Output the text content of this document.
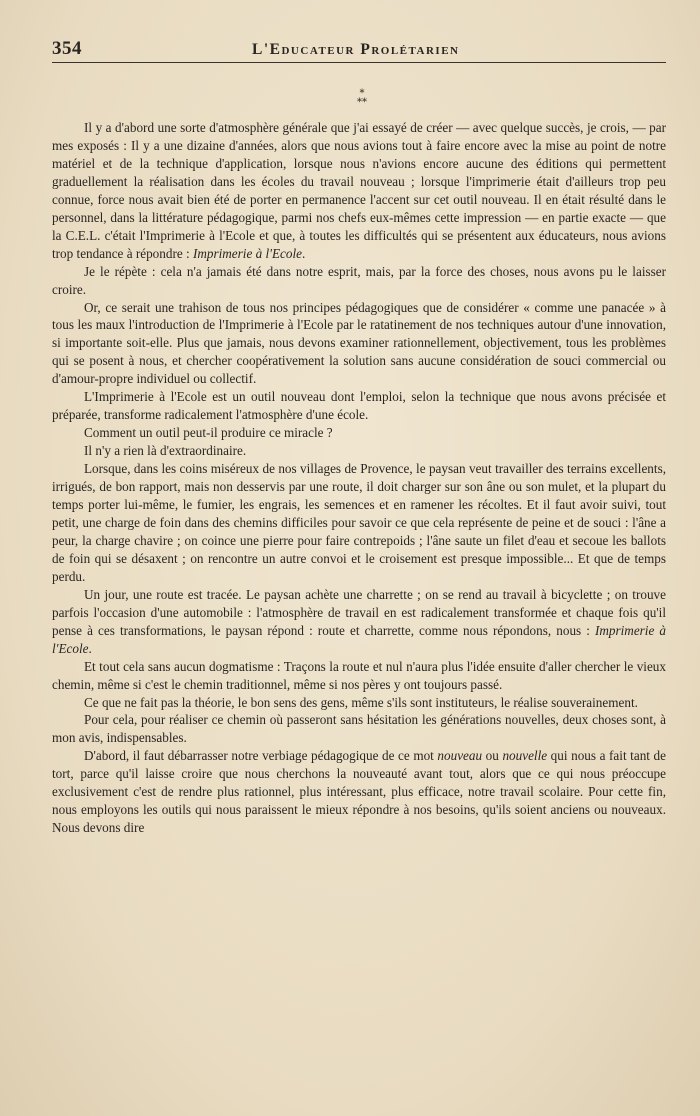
354	L'Educateur Prolétarien
*
**

Il y a d'abord une sorte d'atmosphère générale que j'ai essayé de créer — avec quelque succès, je crois, — par mes exposés : Il y a une dizaine d'années, alors que nous avions tout à faire encore avec la mise au point de notre matériel et de la technique d'application, lorsque nous n'avions encore aucune des éditions qui permettent graduellement la réalisation dans les écoles du travail nouveau ; lorsque l'imprimerie était d'ailleurs trop peu connue, force nous avait bien été de porter en permanence l'accent sur cet outil nouveau. Il en était résulté dans le personnel, dans la littérature pédagogique, parmi nos chefs eux-mêmes cette impression — en partie exacte — que la C.E.L. c'était l'Imprimerie à l'Ecole et que, à toutes les difficultés qui se présentent aux éducateurs, nous avions trop tendance à répondre : Imprimerie à l'Ecole.

Je le répète : cela n'a jamais été dans notre esprit, mais, par la force des choses, nous avons pu le laisser croire.

Or, ce serait une trahison de tous nos principes pédagogiques que de considérer « comme une panacée » à tous les maux l'introduction de l'Imprimerie à l'Ecole par le ratatinement de nos techniques autour d'une innovation, si importante soit-elle. Plus que jamais, nous devons examiner rationnellement, objectivement, tous les problèmes qui se posent à nous, et chercher coopérativement la solution sans aucune considération de souci commercial ou d'amour-propre individuel ou collectif.

L'Imprimerie à l'Ecole est un outil nouveau dont l'emploi, selon la technique que nous avons précisée et préparée, transforme radicalement l'atmosphère d'une école.

Comment un outil peut-il produire ce miracle ?

Il n'y a rien là d'extraordinaire.

Lorsque, dans les coins miséreux de nos villages de Provence, le paysan veut travailler des terrains excellents, irrigués, de bon rapport, mais non desservis par une route, il doit charger sur son âne ou son mulet, et la plupart du temps porter lui-même, le fumier, les engrais, les semences et en ramener les récoltes. Et il faut avoir suivi, tout petit, une charge de foin dans des chemins difficiles pour savoir ce que cela représente de peine et de souci : l'âne a peur, la charge chavire ; on coince une pierre pour faire contrepoids ; l'âne saute un filet d'eau et secoue les ballots de foin qui se désaxent ; on rencontre un autre convoi et le croisement est presque impossible... Et que de temps perdu.

Un jour, une route est tracée. Le paysan achète une charrette ; on se rend au travail à bicyclette ; on trouve parfois l'occasion d'une automobile : l'atmosphère de travail en est radicalement transformée et chaque fois qu'il pense à ces transformations, le paysan répond : route et charrette, comme nous répondons, nous : Imprimerie à l'Ecole.

Et tout cela sans aucun dogmatisme : Traçons la route et nul n'aura plus l'idée ensuite d'aller chercher le vieux chemin, même si c'est le chemin traditionnel, même si nos pères y ont toujours passé.

Ce que ne fait pas la théorie, le bon sens des gens, même s'ils sont instituteurs, le réalise souverainement.

Pour cela, pour réaliser ce chemin où passeront sans hésitation les générations nouvelles, deux choses sont, à mon avis, indispensables.

D'abord, il faut débarrasser notre verbiage pédagogique de ce mot nouveau ou nouvelle qui nous a fait tant de tort, parce qu'il laisse croire que nous cherchons la nouveauté avant tout, alors que ce qui nous préoccupe exclusivement c'est de rendre plus rationnel, plus intéressant, plus efficace, notre travail scolaire. Pour cette fin, nous employons les outils qui nous paraissent le mieux répondre à nos besoins, qu'ils soient anciens ou nouveaux. Nous devons dire
